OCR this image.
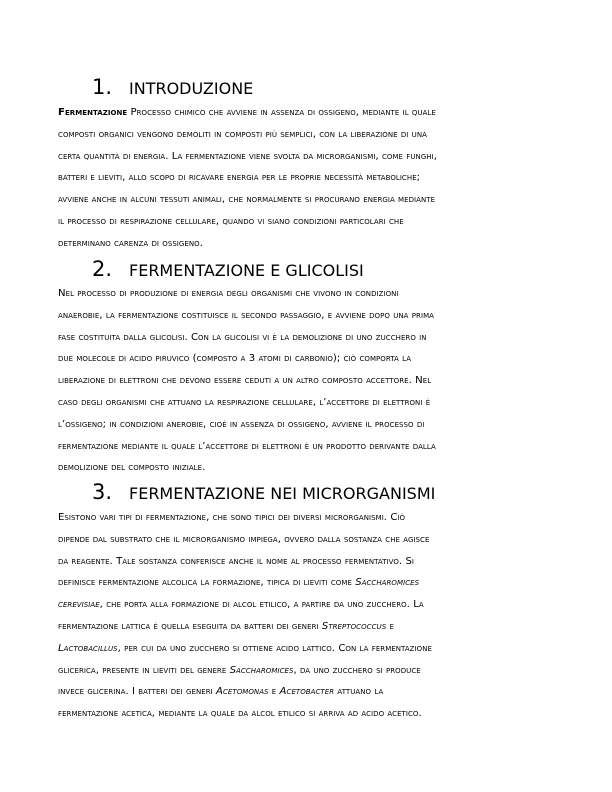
1. INTRODUZIONE
Fermentazione Processo chimico che avviene in assenza di ossigeno, mediante il quale
composti organici vengono demoliti in composti più semplici, con la liberazione di una
certa quantità di energia. La fermentazione viene svolta da microrganismi, come funghi,
batteri e lieviti, allo scopo di ricavare energia per le proprie necessità metaboliche;
avviene anche in alcuni tessuti animali, che normalmente si procurano energia mediante
il processo di respirazione cellulare, quando vi siano condizioni particolari che
determinano carenza di ossigeno.
2. FERMENTAZIONE E GLICOLISI
Nel processo di produzione di energia degli organismi che vivono in condizioni
anaerobie, la fermentazione costituisce il secondo passaggio, e avviene dopo una prima
fase costituita dalla glicolisi. Con la glicolisi vi è la demolizione di uno zucchero in
due molecole di acido piruvico (composto a 3 atomi di carbonio); ciò comporta la
liberazione di elettroni che devono essere ceduti a un altro composto accettore. Nel
caso degli organismi che attuano la respirazione cellulare, l’accettore di elettroni è
l’ossigeno; in condizioni anerobie, cioè in assenza di ossigeno, avviene il processo di
fermentazione mediante il quale l’accettore di elettroni è un prodotto derivante dalla
demolizione del composto iniziale.
3. FERMENTAZIONE NEI MICRORGANISMI
Esistono vari tipi di fermentazione, che sono tipici dei diversi microrganismi. Ciò
dipende dal substrato che il microrganismo impiega, ovvero dalla sostanza che agisce
da reagente. Tale sostanza conferisce anche il nome al processo fermentativo. Si
definisce fermentazione alcolica la formazione, tipica di lieviti come Saccharomices
cerevisiae, che porta alla formazione di alcol etilico, a partire da uno zucchero. La
fermentazione lattica è quella eseguita da batteri dei generi Streptococcus e
Lactobacillus, per cui da uno zucchero si ottiene acido lattico. Con la fermentazione
glicerica, presente in lieviti del genere Saccharomices, da uno zucchero si produce
invece glicerina. I batteri dei generi Acetomonas e Acetobacter attuano la
fermentazione acetica, mediante la quale da alcol etilico si arriva ad acido acetico.
